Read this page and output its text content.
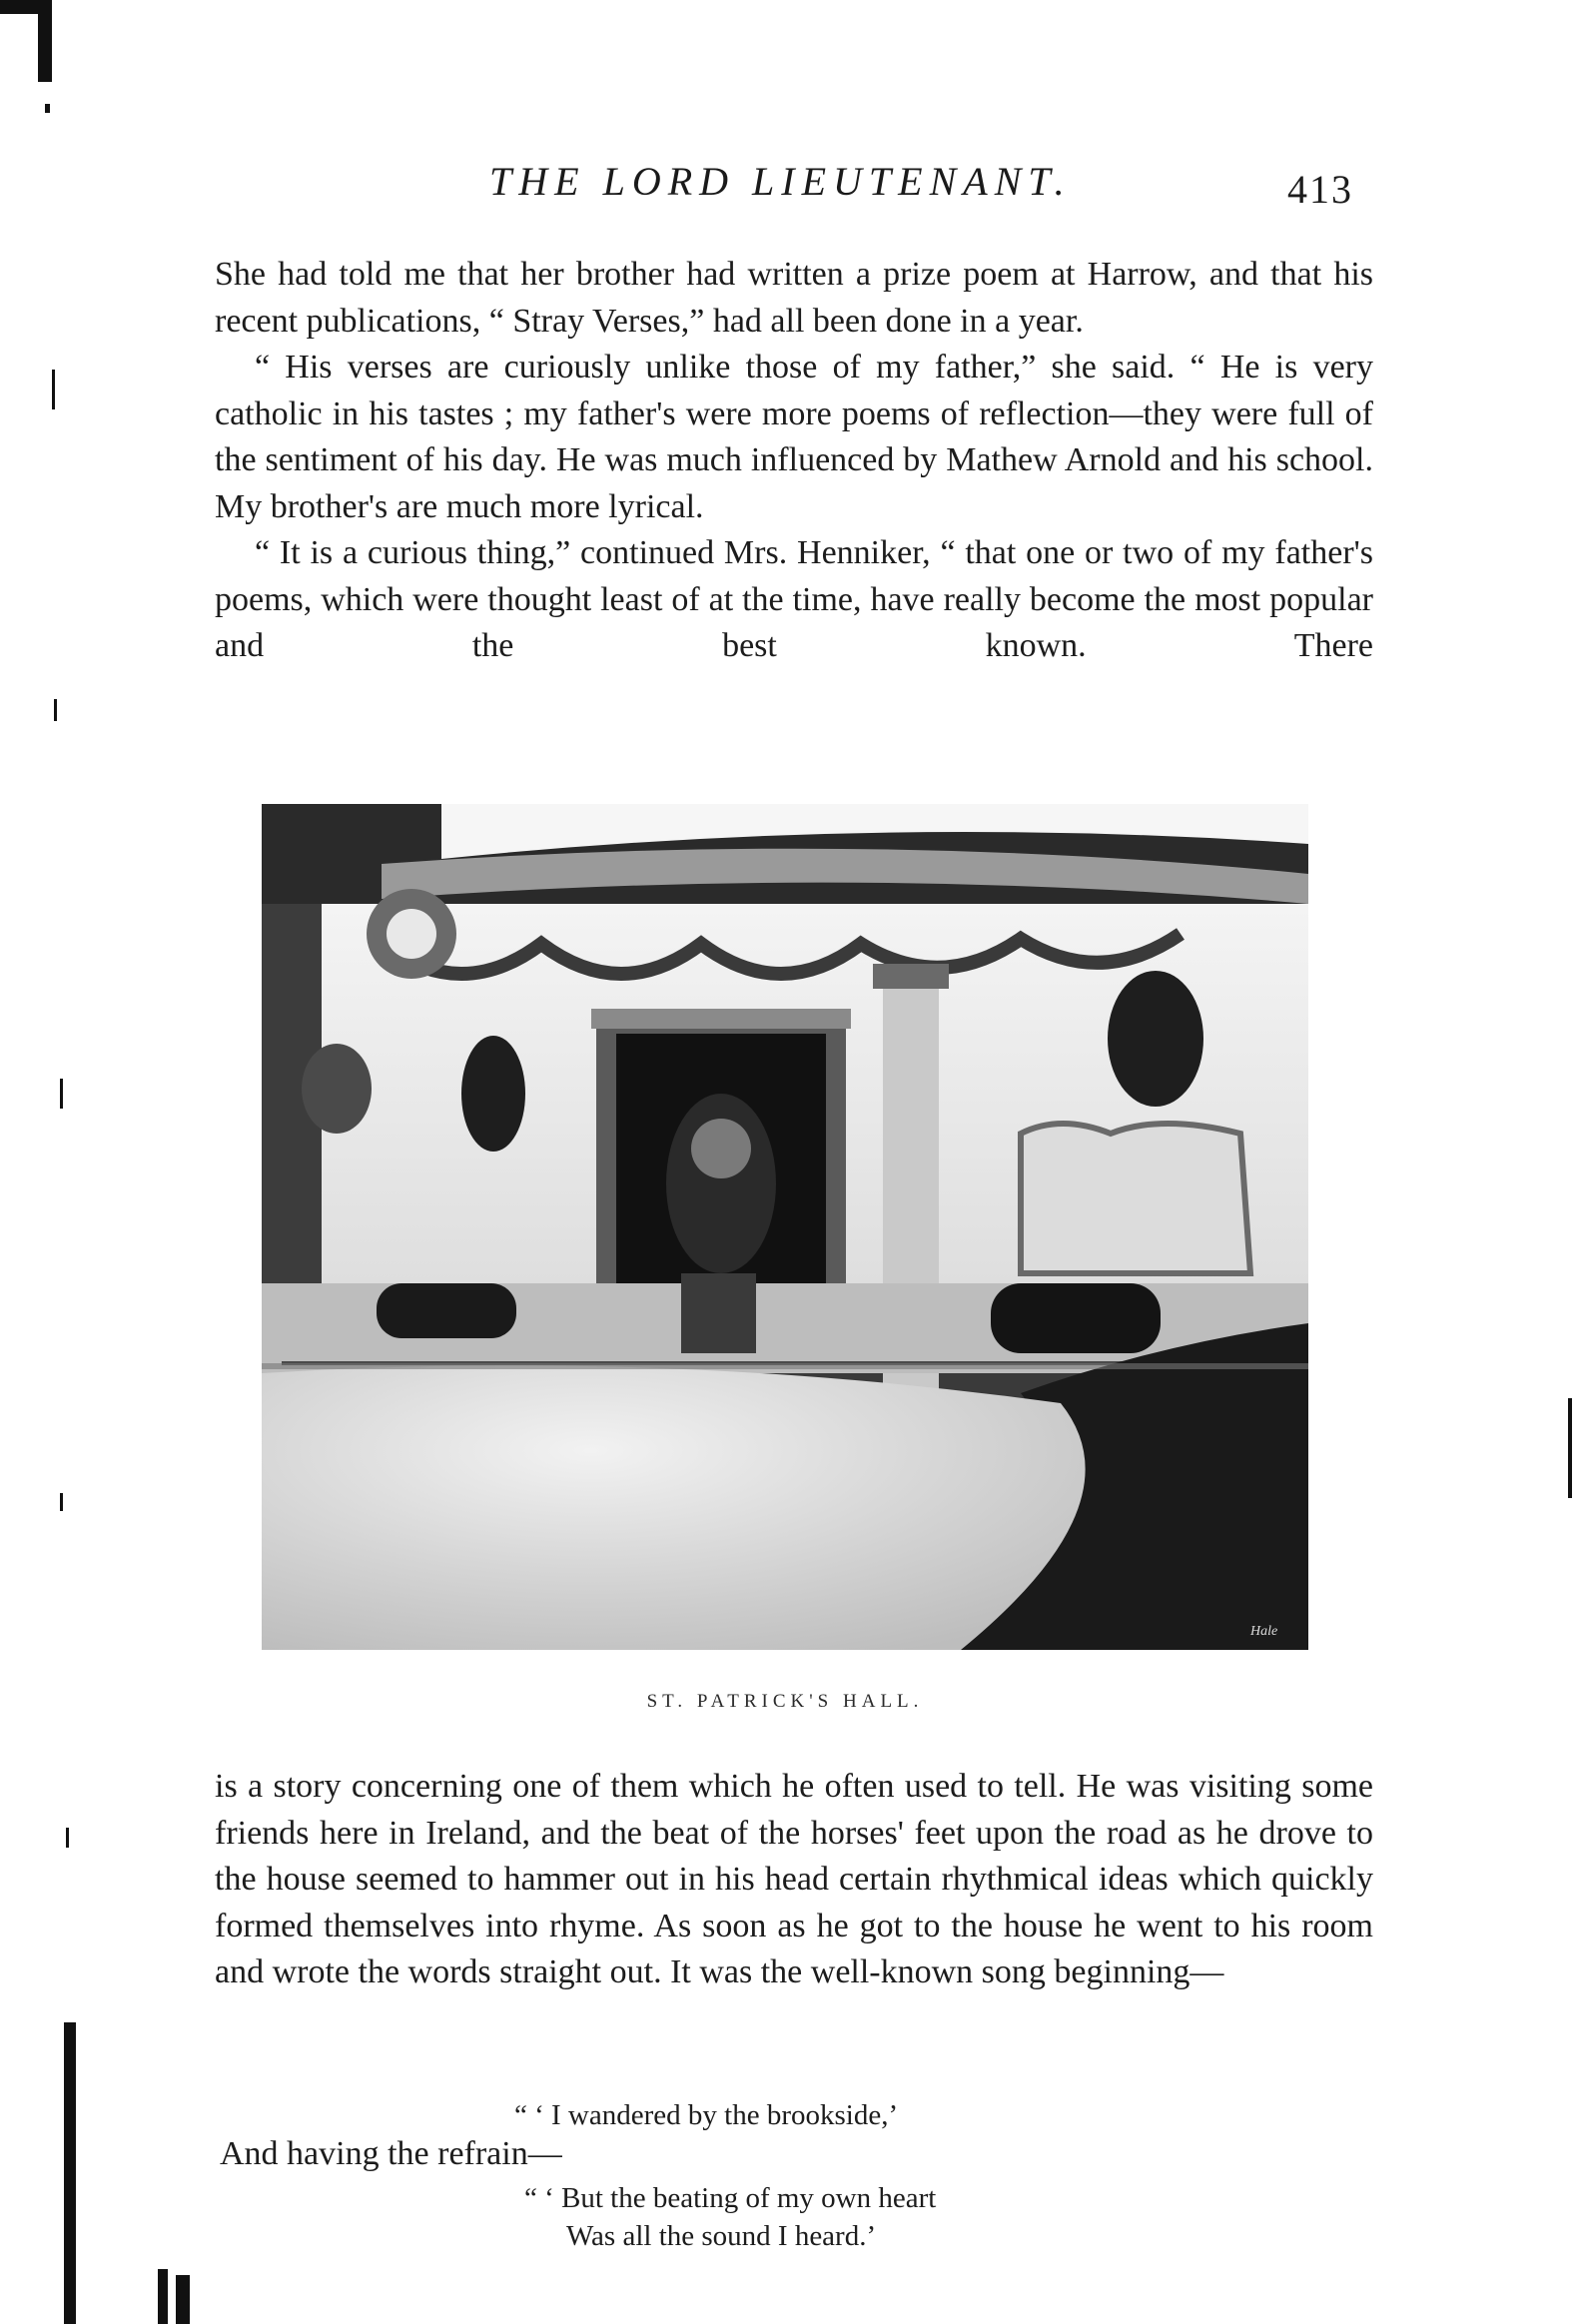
THE LORD LIEUTENANT.	413

She had told me that her brother had written a prize poem at Harrow, and that his recent publications, “ Stray Verses,” had all been done in a year.

“ His verses are curiously unlike those of my father,” she said. “ He is very catholic in his tastes ; my father's were more poems of reflection—they were full of the sentiment of his day. He was much influenced by Mathew Arnold and his school. My brother's are much more lyrical.

“ It is a curious thing,” continued Mrs. Henniker, “ that one or two of my father's poems, which were thought least of at the time, have really become the most popular and the best known. There

Hale
ST. PATRICK'S HALL.

is a story concerning one of them which he often used to tell. He was visiting some friends here in Ireland, and the beat of the horses' feet upon the road as he drove to the house seemed to hammer out in his head certain rhythmical ideas which quickly formed themselves into rhyme. As soon as he got to the house he went to his room and wrote the words straight out. It was the well-known song beginning—

“ ‘ I wandered by the brookside,’

And having the refrain—

“ ‘ But the beating of my own heart
Was all the sound I heard.’
